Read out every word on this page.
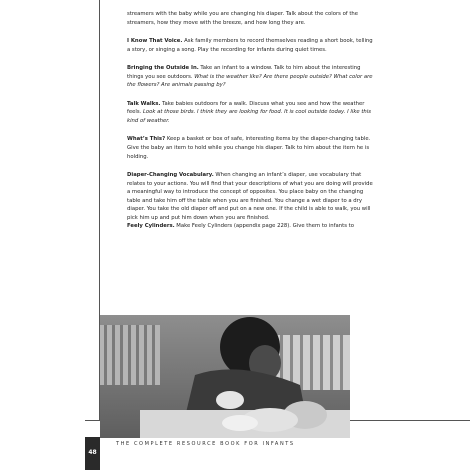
streamers with the baby while you are changing his diaper. Talk about the colors of the streamers, how they move with the breeze, and how long they are.

I Know That Voice. Ask family members to record themselves reading a short book, telling a story, or singing a song. Play the recording for infants during quiet times.

Bringing the Outside In. Take an infant to a window. Talk to him about the interesting things you see outdoors. What is the weather like? Are there people outside? What color are the flowers? Are animals passing by?

Talk Walks. Take babies outdoors for a walk. Discuss what you see and how the weather feels. Look at those birds. I think they are looking for food. It is cool outside today. I like this kind of weather.

What’s This? Keep a basket or box of safe, interesting items by the diaper-changing table. Give the baby an item to hold while you change his diaper. Talk to him about the item he is holding.

Diaper-Changing Vocabulary. When changing an infant’s diaper, use vocabulary that relates to your actions. You will find that your descriptions of what you are doing will provide a meaningful way to introduce the concept of opposites. You place baby on the changing table and take him off the table when you are finished. You change a wet diaper to a dry diaper. You take the old diaper off and put on a new one. If the child is able to walk, you will pick him up and put him down when you are finished.

Feely Cylinders. Make Feely Cylinders (appendix page 228). Give them to infants to

48
THE COMPLETE RESOURCE BOOK FOR INFANTS
